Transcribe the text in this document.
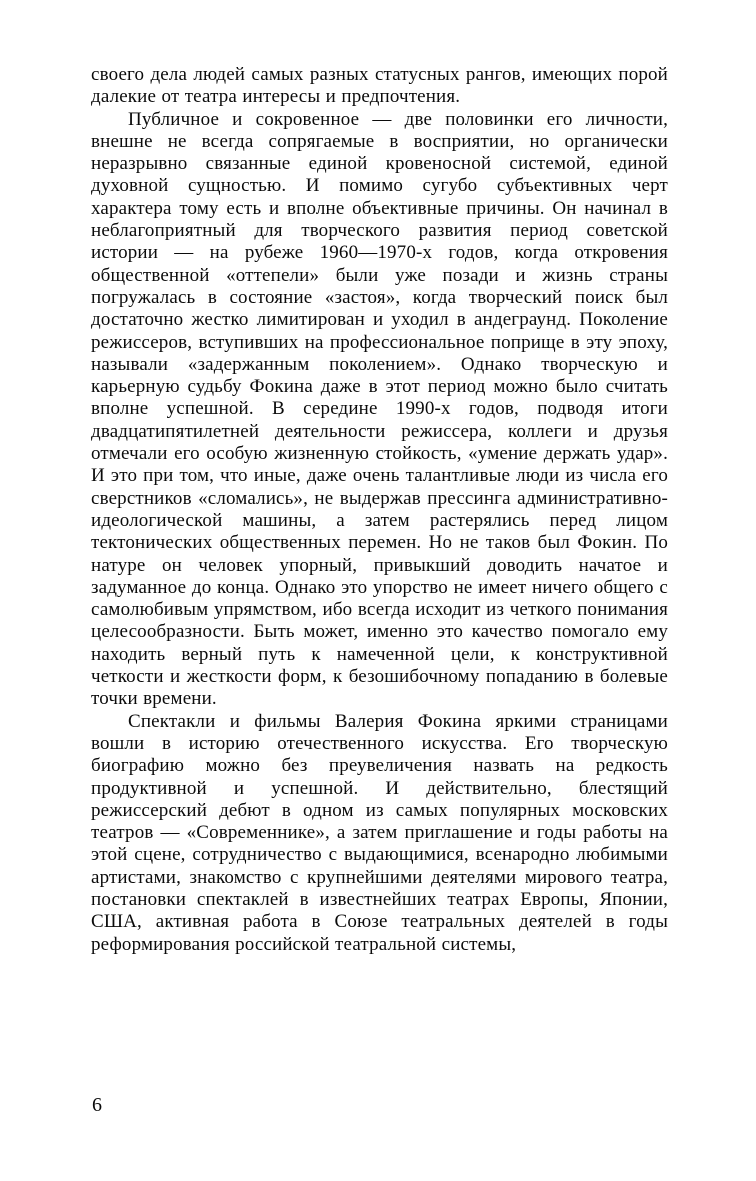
своего дела людей самых разных статусных рангов, имеющих порой далекие от театра интересы и предпочтения.

Публичное и сокровенное — две половинки его личности, внешне не всегда сопрягаемые в восприятии, но органически неразрывно связанные единой кровеносной системой, единой духовной сущностью. И помимо сугубо субъективных черт характера тому есть и вполне объективные причины. Он начинал в неблагоприятный для творческого развития период советской истории — на рубеже 1960—1970-х годов, когда откровения общественной «оттепели» были уже позади и жизнь страны погружалась в состояние «застоя», когда творческий поиск был достаточно жестко лимитирован и уходил в андеграунд. Поколение режиссеров, вступивших на профессиональное поприще в эту эпоху, называли «задержанным поколением». Однако творческую и карьерную судьбу Фокина даже в этот период можно было считать вполне успешной. В середине 1990-х годов, подводя итоги двадцатипятилетней деятельности режиссера, коллеги и друзья отмечали его особую жизненную стойкость, «умение держать удар». И это при том, что иные, даже очень талантливые люди из числа его сверстников «сломались», не выдержав прессинга административно-идеологической машины, а затем растерялись перед лицом тектонических общественных перемен. Но не таков был Фокин. По натуре он человек упорный, привыкший доводить начатое и задуманное до конца. Однако это упорство не имеет ничего общего с самолюбивым упрямством, ибо всегда исходит из четкого понимания целесообразности. Быть может, именно это качество помогало ему находить верный путь к намеченной цели, к конструктивной четкости и жесткости форм, к безошибочному попаданию в болевые точки времени.

Спектакли и фильмы Валерия Фокина яркими страницами вошли в историю отечественного искусства. Его творческую биографию можно без преувеличения назвать на редкость продуктивной и успешной. И действительно, блестящий режиссерский дебют в одном из самых популярных московских театров — «Современнике», а затем приглашение и годы работы на этой сцене, сотрудничество с выдающимися, всенародно любимыми артистами, знакомство с крупнейшими деятелями мирового театра, постановки спектаклей в известнейших театрах Европы, Японии, США, активная работа в Союзе театральных деятелей в годы реформирования российской театральной системы,

6
